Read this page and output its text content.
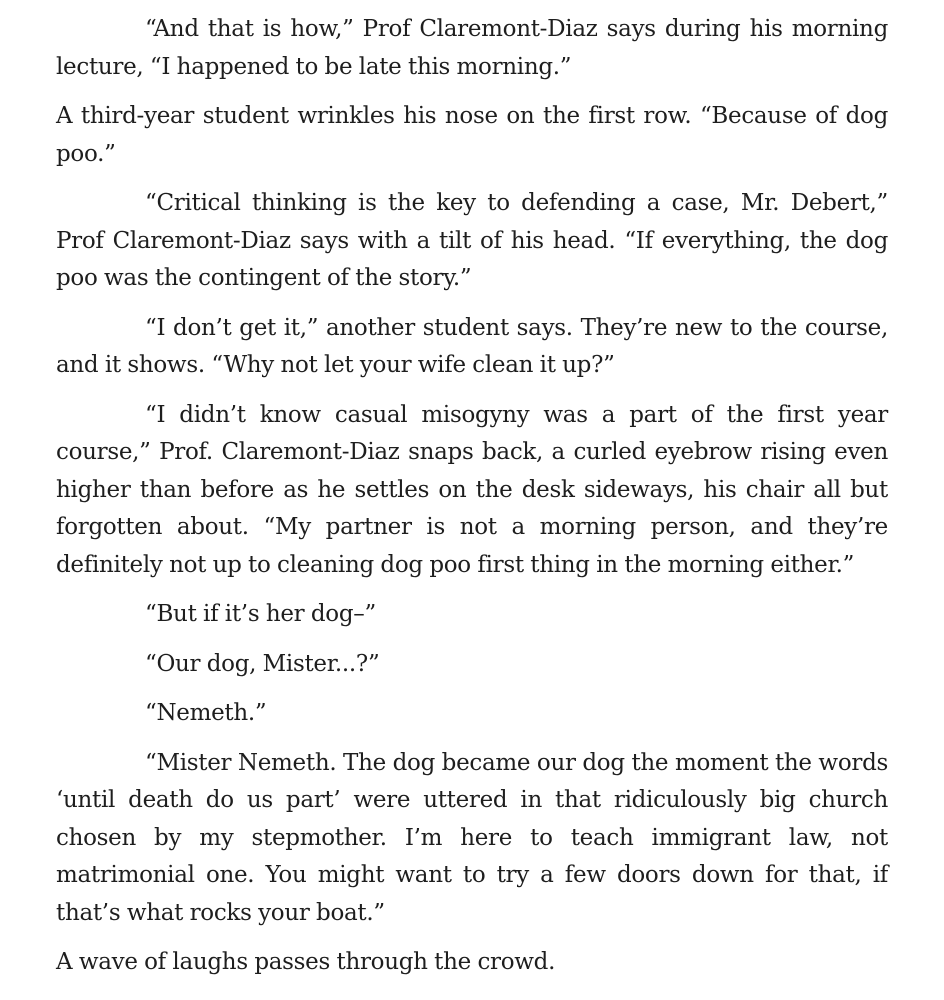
“And that is how,” Prof Claremont-Diaz says during his morning lecture, “I happened to be late this morning.”

A third-year student wrinkles his nose on the first row. “Because of dog poo.”

“Critical thinking is the key to defending a case, Mr. Debert,” Prof Claremont-Diaz says with a tilt of his head. “If everything, the dog poo was the contingent of the story.”

“I don’t get it,” another student says. They’re new to the course, and it shows. “Why not let your wife clean it up?”

“I didn’t know casual misogyny was a part of the first year course,” Prof. Claremont-Diaz snaps back, a curled eyebrow rising even higher than before as he settles on the desk sideways, his chair all but forgotten about. “My partner is not a morning person, and they’re definitely not up to cleaning dog poo first thing in the morning either.”

“But if it’s her dog–”

“Our dog, Mister...?”

“Nemeth.”

“Mister Nemeth. The dog became our dog the moment the words ‘until death do us part’ were uttered in that ridiculously big church chosen by my stepmother. I’m here to teach immigrant law, not matrimonial one. You might want to try a few doors down for that, if that’s what rocks your boat.”

A wave of laughs passes through the crowd.
